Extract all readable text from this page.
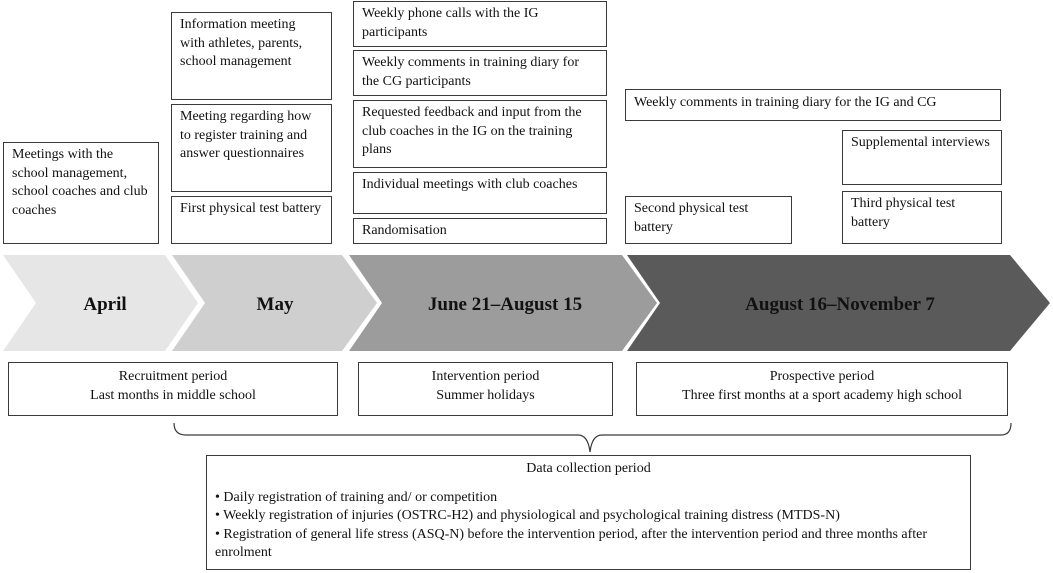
April	May	June 21–August 15	August 16–November 7
Meetings with the school management, school coaches and club coaches
Information meeting with athletes, parents, school management
Meeting regarding how to register training and answer questionnaires
First physical test battery
Weekly phone calls with the IG participants
Weekly comments in training diary for the CG participants
Requested feedback and input from the club coaches in the IG on the training plans
Individual meetings with club coaches
Randomisation
Weekly comments in training diary for the IG and CG
Second physical test battery
Supplemental interviews
Third physical test battery
Recruitment period
Last months in middle school
Intervention period
Summer holidays
Prospective period
Three first months at a sport academy high school
Data collection period
• Daily registration of training and/ or competition
• Weekly registration of injuries (OSTRC-H2) and physiological and psychological training distress (MTDS-N)
• Registration of general life stress (ASQ-N) before the intervention period, after the intervention period and three months after enrolment
